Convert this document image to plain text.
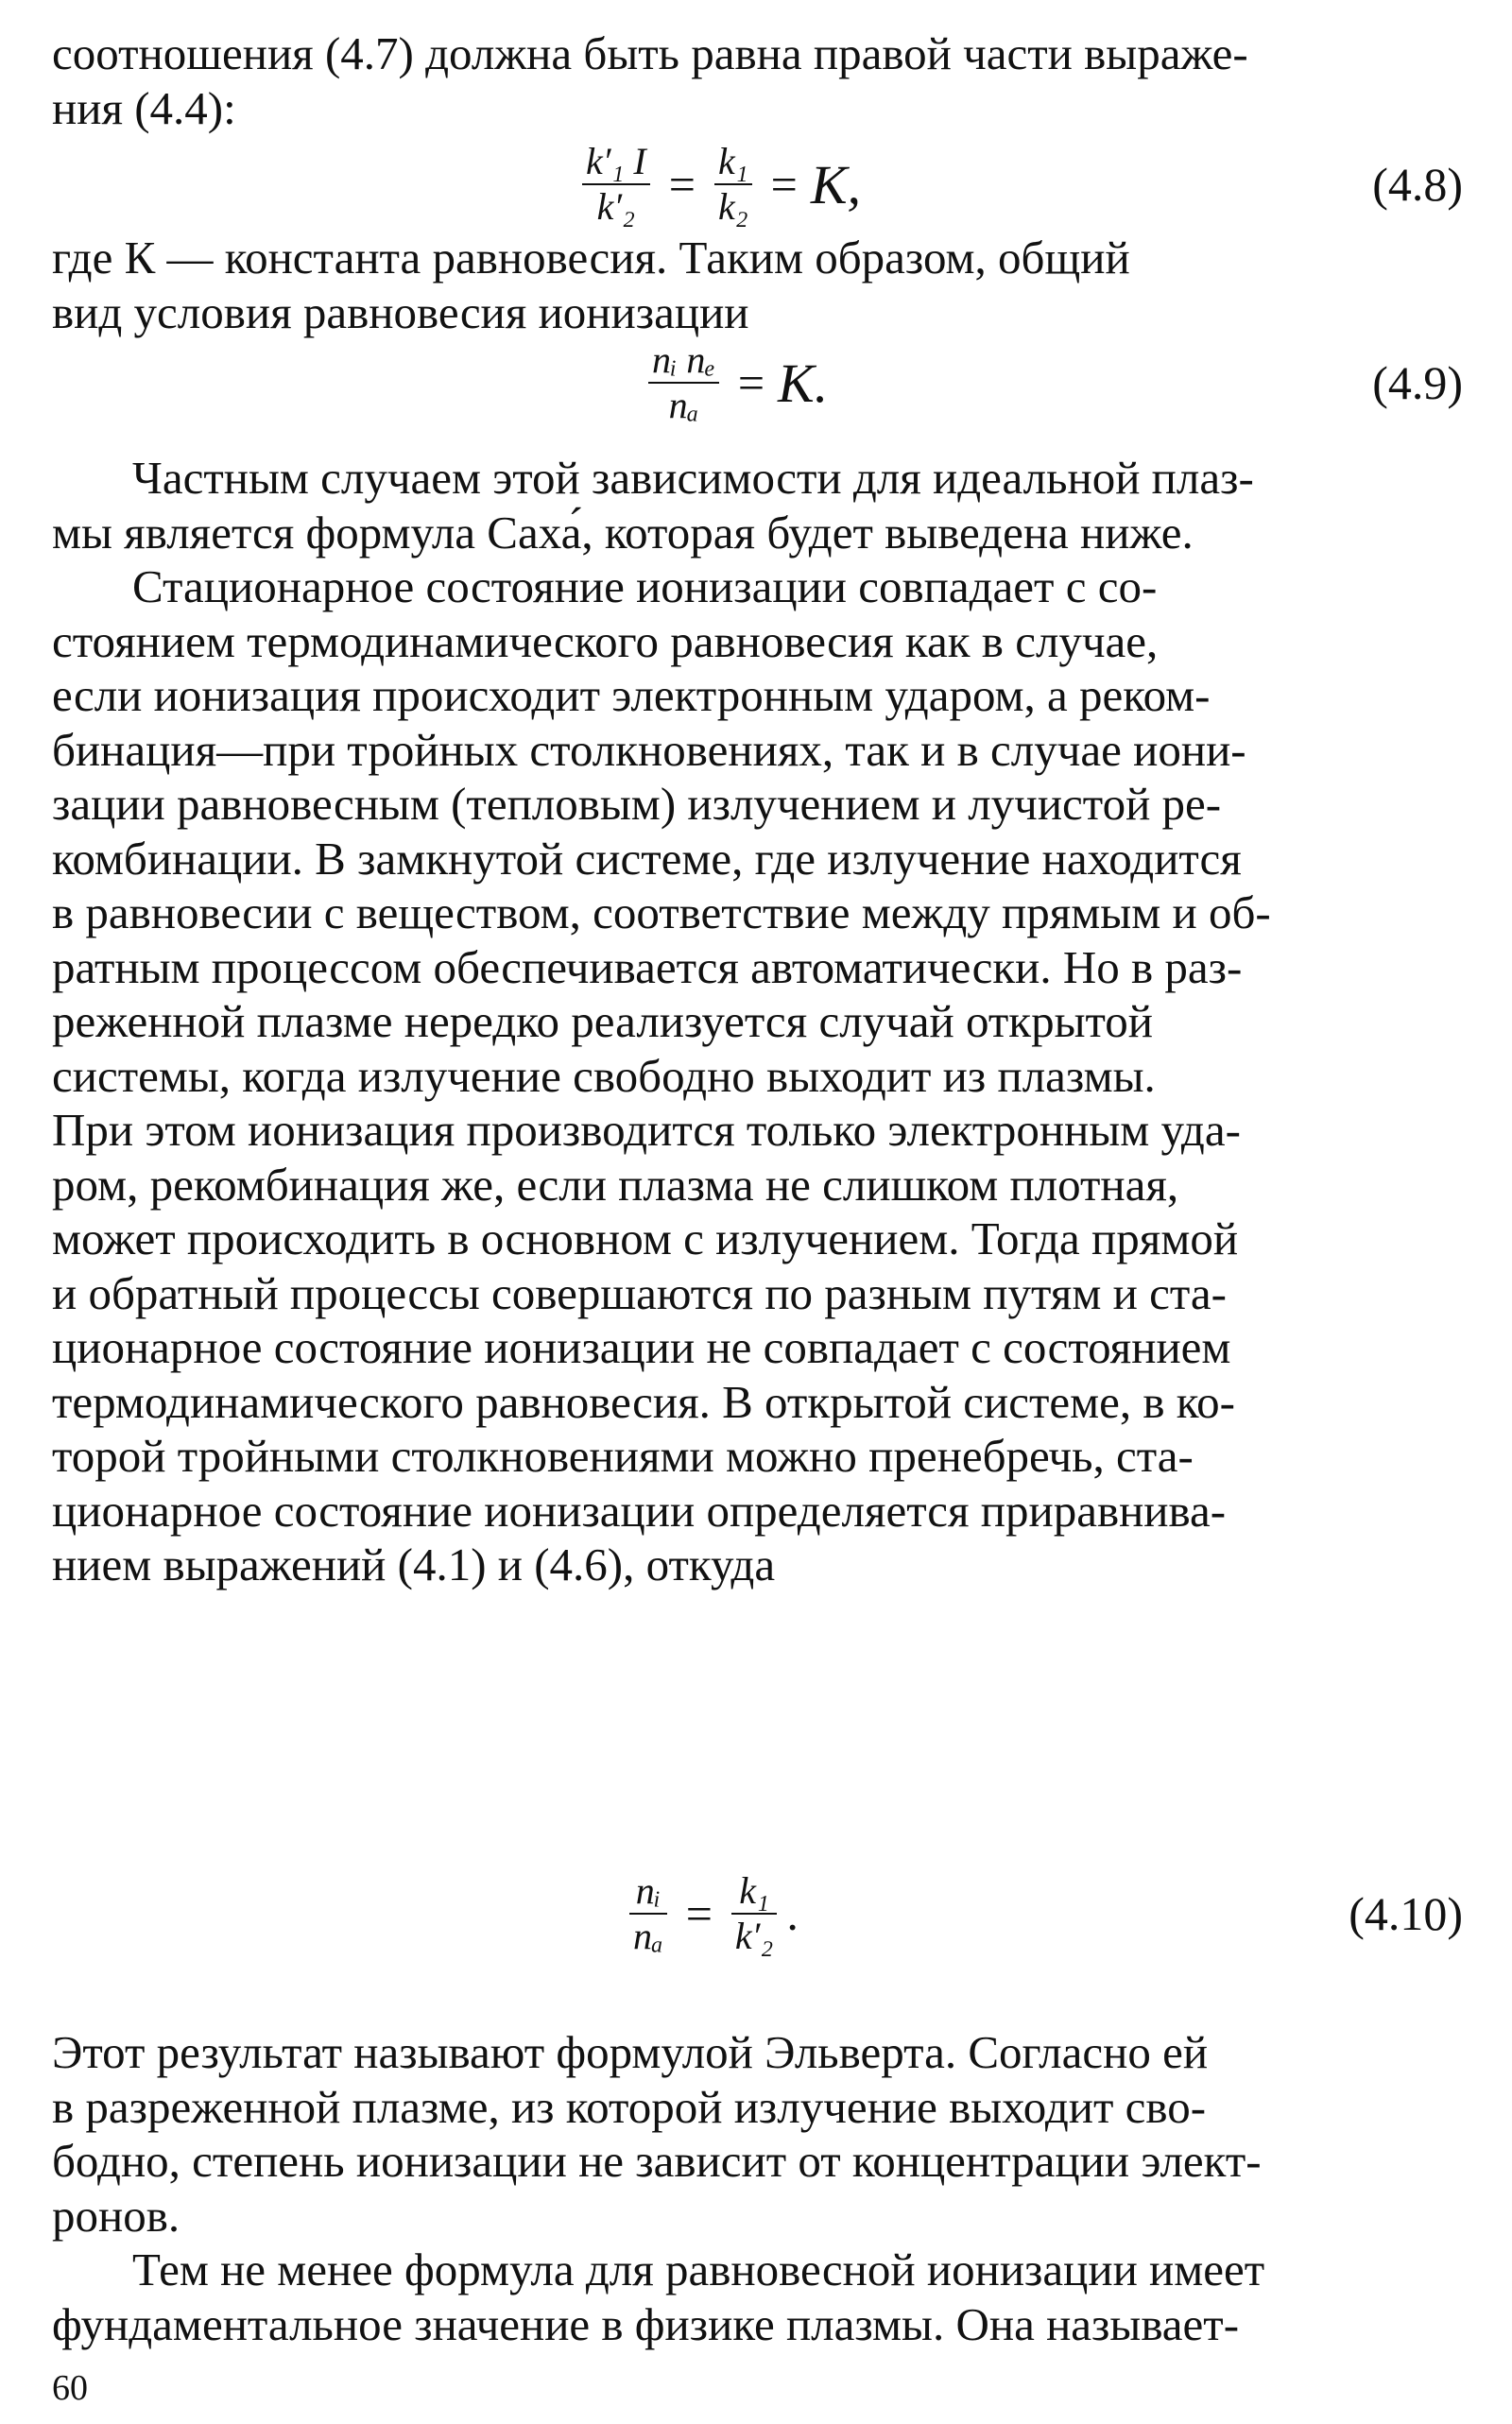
соотношения (4.7) должна быть равна правой части выраже-
ния (4.4):
$\frac{\text{k′₁ I}}{\text{k′₂}} = \frac{\text{k₁}}{\text{k₂}} = K$,	(4.8)
где К — константа равновесия. Таким образом, общий
вид условия равновесия ионизации
$\frac{\text{nᵢ nₑ}}{\text{nₐ}} = K$.	(4.9)
Частным случаем этой зависимости для идеальной плаз-
мы является формула Саха́, которая будет выведена ниже.
Стационарное состояние ионизации совпадает с со-
стоянием термодинамического равновесия как в случае,
если ионизация происходит электронным ударом, а реком-
бинация—при тройных столкновениях, так и в случае иони-
зации равновесным (тепловым) излучением и лучистой ре-
комбинации. В замкнутой системе, где излучение находится
в равновесии с веществом, соответствие между прямым и об-
ратным процессом обеспечивается автоматически. Но в раз-
реженной плазме нередко реализуется случай открытой
системы, когда излучение свободно выходит из плазмы.
При этом ионизация производится только электронным уда-
ром, рекомбинация же, если плазма не слишком плотная,
может происходить в основном с излучением. Тогда прямой
и обратный процессы совершаются по разным путям и ста-
ционарное состояние ионизации не совпадает с состоянием
термодинамического равновесия. В открытой системе, в ко-
торой тройными столкновениями можно пренебречь, ста-
ционарное состояние ионизации определяется приравнива-
нием выражений (4.1) и (4.6), откуда
$\frac{\text{nᵢ}}{\text{nₐ}} = \frac{\text{k₁}}{\text{k′₂}}$ .	(4.10)
Этот результат называют формулой Эльверта. Согласно ей
в разреженной плазме, из которой излучение выходит сво-
бодно, степень ионизации не зависит от концентрации элект-
ронов.
Тем не менее формула для равновесной ионизации имеет
фундаментальное значение в физике плазмы. Она называет-
60
